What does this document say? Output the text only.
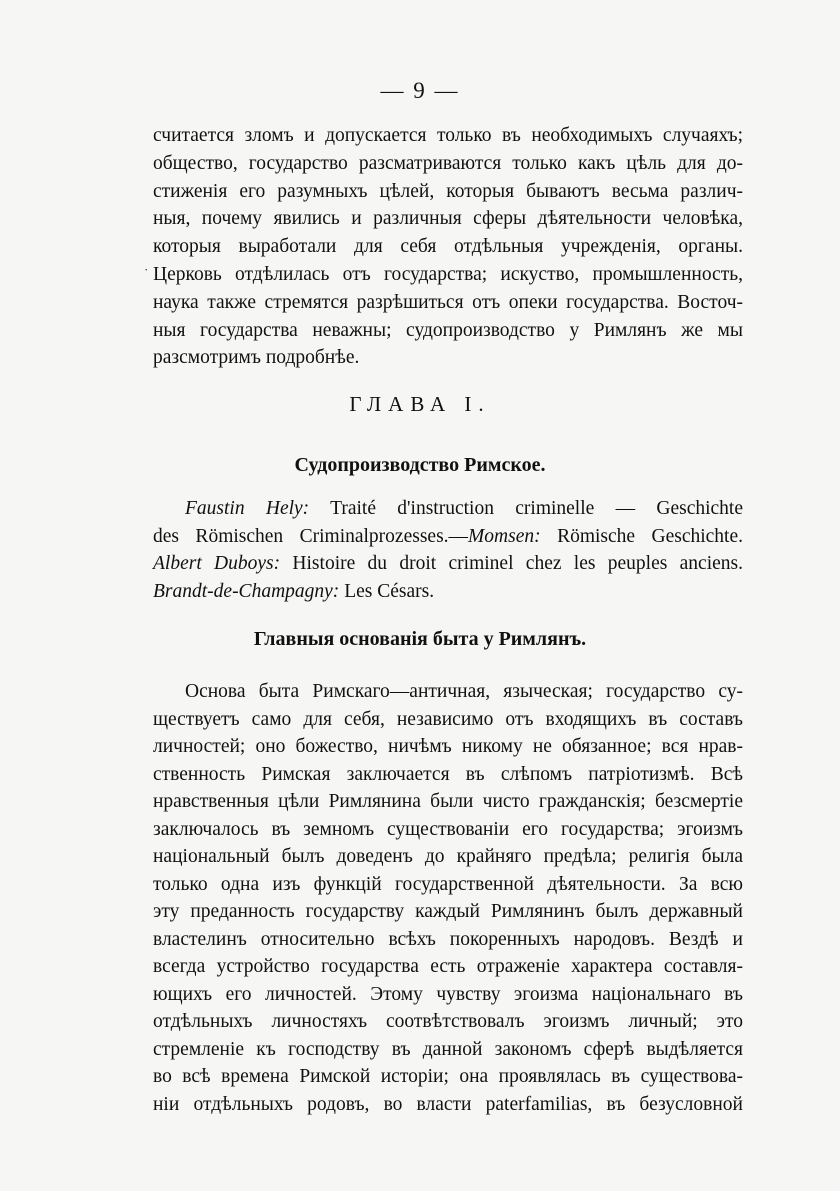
— 9 —
·
считается зломъ и допускается только въ необходимыхъ случаяхъ;
общество, государство разсматриваются только какъ цѣль для до-
стиженія его разумныхъ цѣлей, которыя бываютъ весьма различ-
ныя, почему явились и различныя сферы дѣятельности человѣка,
которыя выработали для себя отдѣльныя учрежденія, органы.
Церковь отдѣлилась отъ государства; искуство, промышленность,
наука также стремятся разрѣшиться отъ опеки государства. Восточ-
ныя государства неважны; судопроизводство у Римлянъ же мы
разсмотримъ подробнѣе.
ГЛАВА I.
Судопроизводство Римское.
Faustin Hely: Traité d'instruction criminelle — Geschichte
des Römischen Criminalprozesses.—Momsen: Römische Geschichte.
Albert Duboys: Histoire du droit criminel chez les peuples anciens.
Brandt-de-Champagny: Les Césars.
Главныя основанія быта у Римлянъ.
Основа быта Римскаго—античная, языческая; государство су-
ществуетъ само для себя, независимо отъ входящихъ въ составъ
личностей; оно божество, ничѣмъ никому не обязанное; вся нрав-
ственность Римская заключается въ слѣпомъ патріотизмѣ. Всѣ
нравственныя цѣли Римлянина были чисто гражданскія; безсмертіе
заключалось въ земномъ существованіи его государства; эгоизмъ
національный былъ доведенъ до крайняго предѣла; религія была
только одна изъ функцій государственной дѣятельности. За всю
эту преданность государству каждый Римлянинъ былъ державный
властелинъ относительно всѣхъ покоренныхъ народовъ. Вездѣ и
всегда устройство государства есть отраженіе характера составля-
ющихъ его личностей. Этому чувству эгоизма національнаго въ
отдѣльныхъ личностяхъ соотвѣтствовалъ эгоизмъ личный; это
стремленіе къ господству въ данной закономъ сферѣ выдѣляется
во всѣ времена Римской исторіи; она проявлялась въ существова-
ніи отдѣльныхъ родовъ, во власти paterfamilias, въ безусловной
